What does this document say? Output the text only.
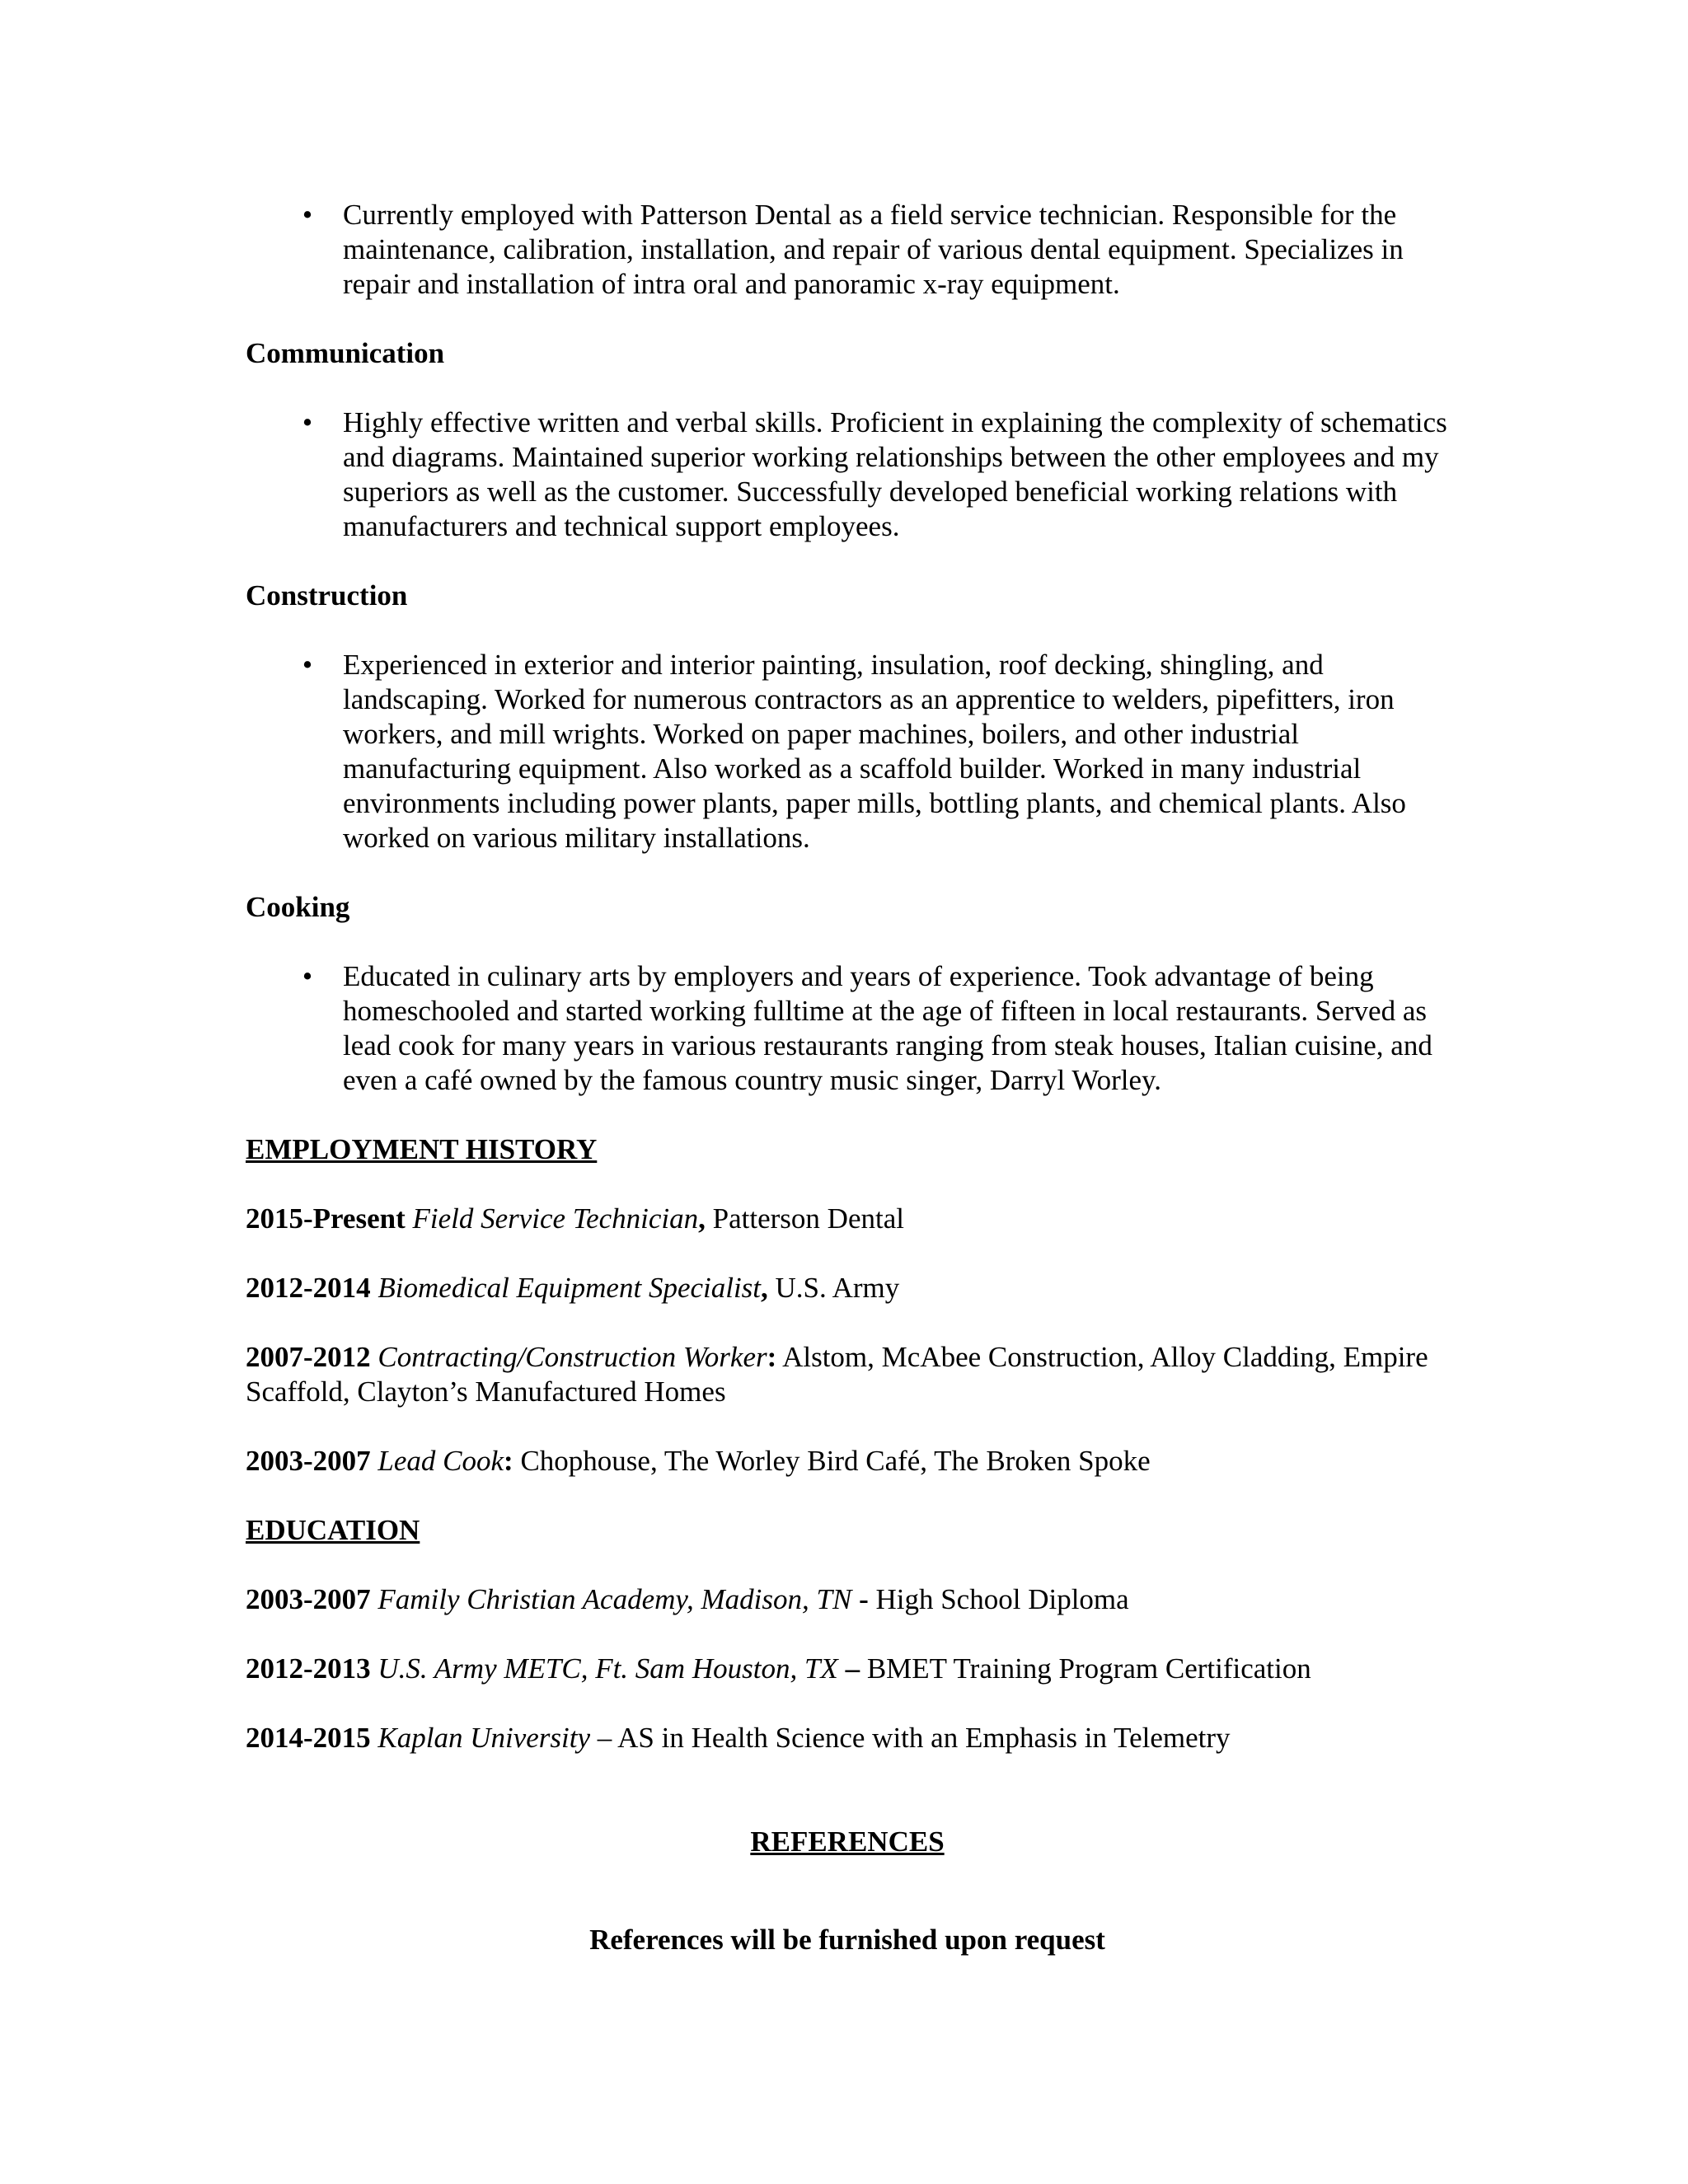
• Currently employed with Patterson Dental as a field service technician. Responsible for the maintenance, calibration, installation, and repair of various dental equipment. Specializes in repair and installation of intra oral and panoramic x-ray equipment.

Communication

• Highly effective written and verbal skills. Proficient in explaining the complexity of schematics and diagrams. Maintained superior working relationships between the other employees and my superiors as well as the customer. Successfully developed beneficial working relations with manufacturers and technical support employees.

Construction

• Experienced in exterior and interior painting, insulation, roof decking, shingling, and landscaping. Worked for numerous contractors as an apprentice to welders, pipefitters, iron workers, and mill wrights. Worked on paper machines, boilers, and other industrial manufacturing equipment. Also worked as a scaffold builder. Worked in many industrial environments including power plants, paper mills, bottling plants, and chemical plants. Also worked on various military installations.

Cooking

• Educated in culinary arts by employers and years of experience. Took advantage of being homeschooled and started working fulltime at the age of fifteen in local restaurants. Served as lead cook for many years in various restaurants ranging from steak houses, Italian cuisine, and even a café owned by the famous country music singer, Darryl Worley.

EMPLOYMENT HISTORY

2015-Present Field Service Technician, Patterson Dental

2012-2014 Biomedical Equipment Specialist, U.S. Army

2007-2012 Contracting/Construction Worker: Alstom, McAbee Construction, Alloy Cladding, Empire Scaffold, Clayton’s Manufactured Homes

2003-2007 Lead Cook: Chophouse, The Worley Bird Café, The Broken Spoke

EDUCATION

2003-2007 Family Christian Academy, Madison, TN - High School Diploma

2012-2013 U.S. Army METC, Ft. Sam Houston, TX – BMET Training Program Certification

2014-2015 Kaplan University – AS in Health Science with an Emphasis in Telemetry

REFERENCES

References will be furnished upon request
